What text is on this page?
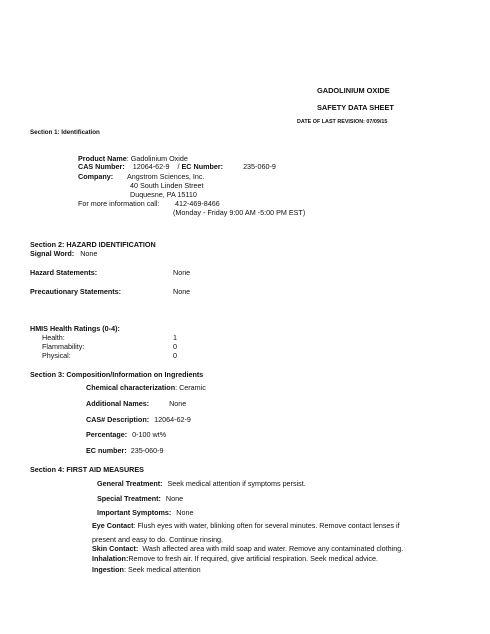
GADOLINIUM OXIDE
SAFETY DATA SHEET
DATE OF LAST REVISION: 07/09/15
Section 1: Identification
Product Name: Gadolinium Oxide
CAS Number: 12064-62-9 / EC Number:	235-060-9
Company: Angstrom Sciences, Inc.
40 South Linden Street
Duquesne, PA 15110
For more information call: 412-469-8466
(Monday - Friday 9:00 AM -5:00 PM EST)
Section 2: HAZARD IDENTIFICATION
Signal Word: None
Hazard Statements:	None
Precautionary Statements:	None
HMIS Health Ratings (0-4):
Health:	1
Flammability:	0
Physical:	0
Section 3: Composition/Information on Ingredients
Chemical characterization: Ceramic
Additional Names:	None
CAS# Description: 12064-62-9
Percentage: 0-100 wt%
EC number: 235-060-9
Section 4: FIRST AID MEASURES
General Treatment: Seek medical attention if symptoms persist.
Special Treatment: None
Important Symptoms: None
Eye Contact: Flush eyes with water, blinking often for several minutes. Remove contact lenses if
present and easy to do. Continue rinsing.
Skin Contact: Wash affected area with mild soap and water. Remove any contaminated clothing.
Inhalation:Remove to fresh air. If required, give artificial respiration. Seek medical advice.
Ingestion: Seek medical attention
